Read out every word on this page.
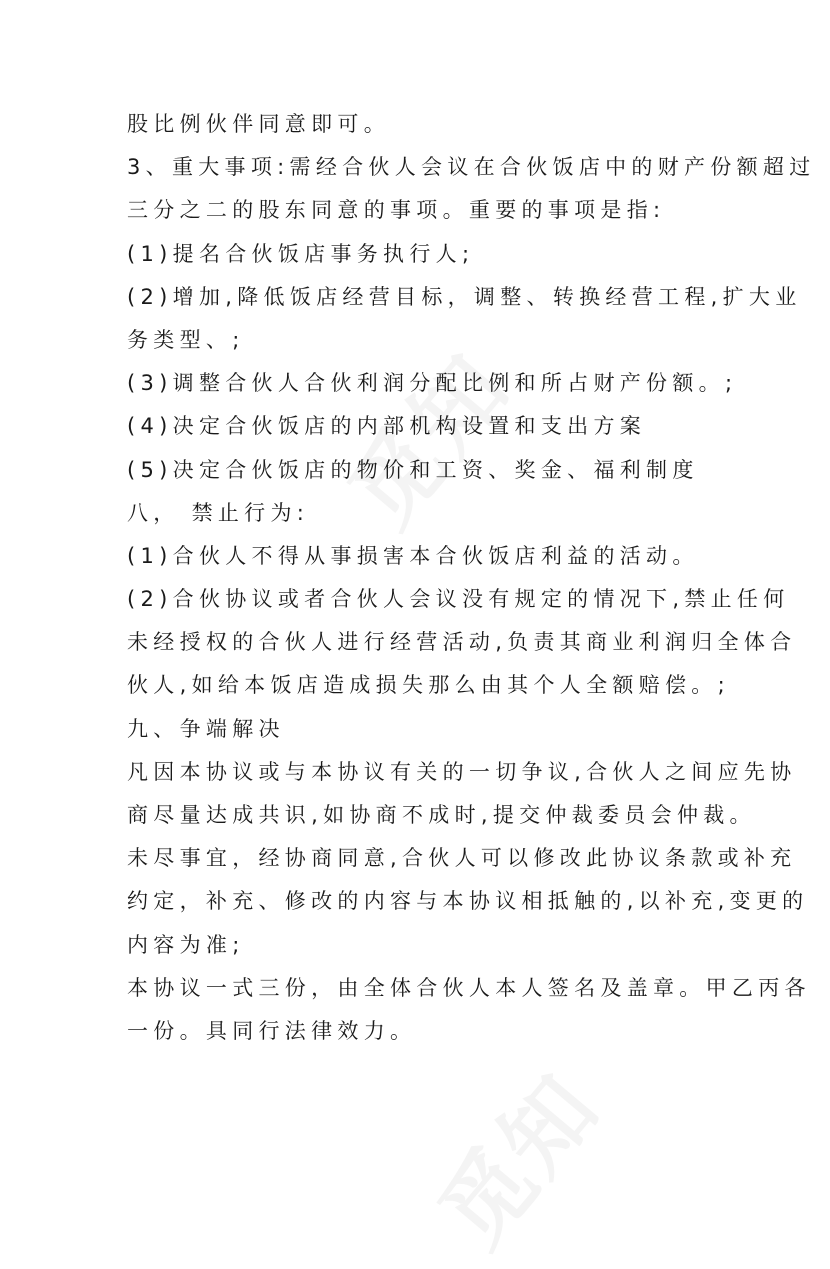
股比例伙伴同意即可。
3、重大事项:需经合伙人会议在合伙饭店中的财产份额超过
三分之二的股东同意的事项。重要的事项是指:
(1)提名合伙饭店事务执行人;
(2)增加,降低饭店经营目标，调整、转换经营工程,扩大业
务类型、;
(3)调整合伙人合伙利润分配比例和所占财产份额。;
(4)决定合伙饭店的内部机构设置和支出方案
(5)决定合伙饭店的物价和工资、奖金、福利制度
八， 禁止行为:
(1)合伙人不得从事损害本合伙饭店利益的活动。
(2)合伙协议或者合伙人会议没有规定的情况下,禁止任何
未经授权的合伙人进行经营活动,负责其商业利润归全体合
伙人,如给本饭店造成损失那么由其个人全额赔偿。;
九、争端解决
凡因本协议或与本协议有关的一切争议,合伙人之间应先协
商尽量达成共识,如协商不成时,提交仲裁委员会仲裁。
未尽事宜，经协商同意,合伙人可以修改此协议条款或补充
约定，补充、修改的内容与本协议相抵触的,以补充,变更的
内容为准;
本协议一式三份，由全体合伙人本人签名及盖章。甲乙丙各
一份。具同行法律效力。
